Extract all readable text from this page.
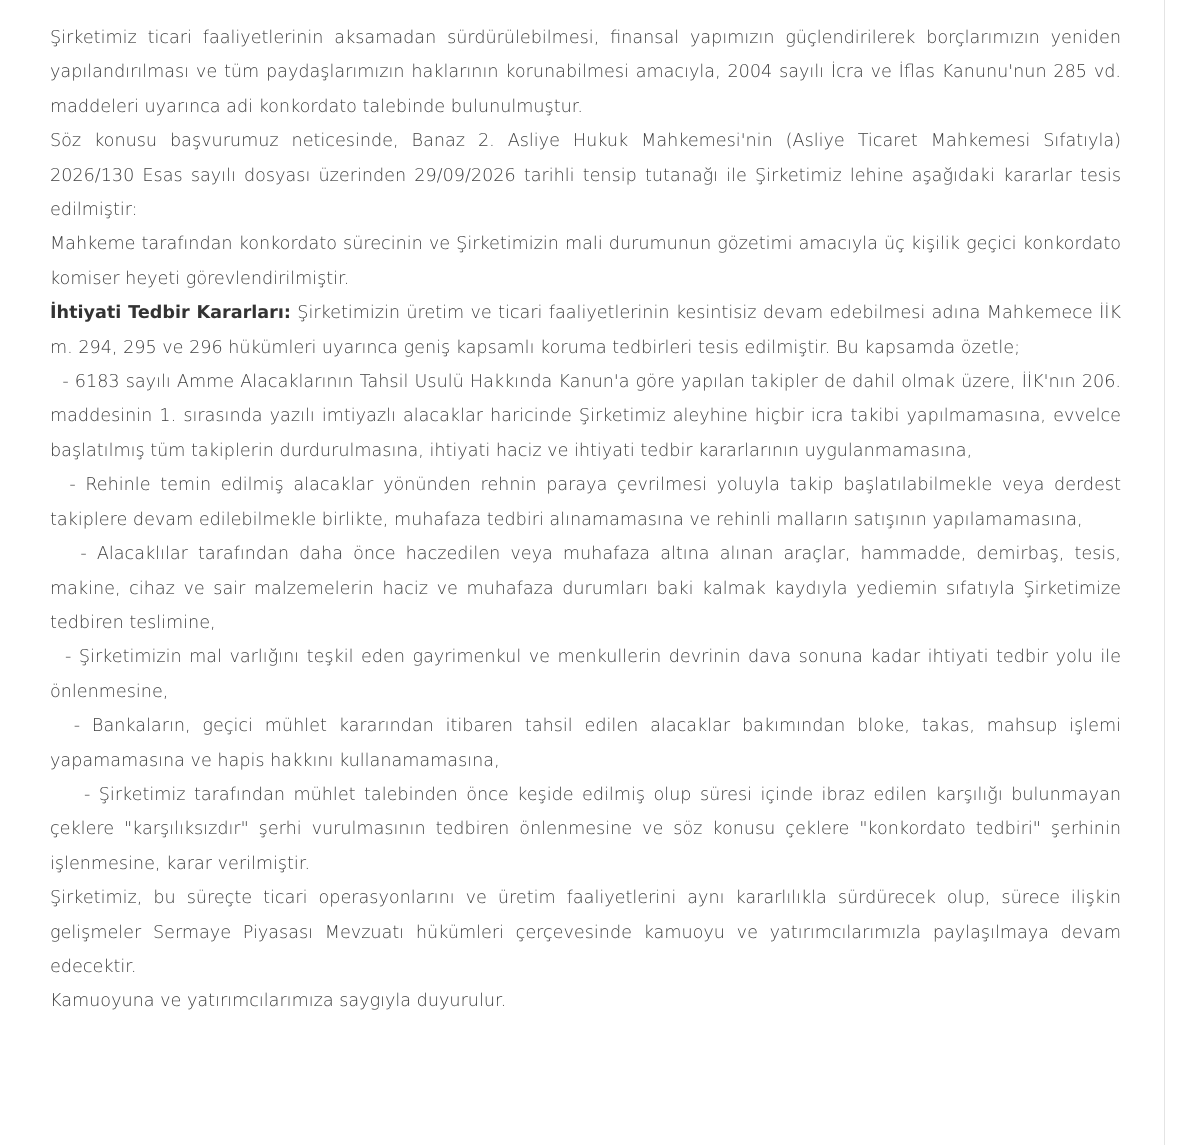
Şirketimiz ticari faaliyetlerinin aksamadan sürdürülebilmesi, finansal yapımızın güçlendirilerek borçlarımızın yeniden yapılandırılması ve tüm paydaşlarımızın haklarının korunabilmesi amacıyla, 2004 sayılı İcra ve İflas Kanunu'nun 285 vd. maddeleri uyarınca adi konkordato talebinde bulunulmuştur.

Söz konusu başvurumuz neticesinde, Banaz 2. Asliye Hukuk Mahkemesi'nin (Asliye Ticaret Mahkemesi Sıfatıyla) 2026/130 Esas sayılı dosyası üzerinden 29/09/2026 tarihli tensip tutanağı ile Şirketimiz lehine aşağıdaki kararlar tesis edilmiştir:

Mahkeme tarafından konkordato sürecinin ve Şirketimizin mali durumunun gözetimi amacıyla üç kişilik geçici konkordato komiser heyeti görevlendirilmiştir.

İhtiyati Tedbir Kararları: Şirketimizin üretim ve ticari faaliyetlerinin kesintisiz devam edebilmesi adına Mahkemece İİK m. 294, 295 ve 296 hükümleri uyarınca geniş kapsamlı koruma tedbirleri tesis edilmiştir. Bu kapsamda özetle;

- 6183 sayılı Amme Alacaklarının Tahsil Usulü Hakkında Kanun'a göre yapılan takipler de dahil olmak üzere, İİK'nın 206. maddesinin 1. sırasında yazılı imtiyazlı alacaklar haricinde Şirketimiz aleyhine hiçbir icra takibi yapılmamasına, evvelce başlatılmış tüm takiplerin durdurulmasına, ihtiyati haciz ve ihtiyati tedbir kararlarının uygulanmamasına,

- Rehinle temin edilmiş alacaklar yönünden rehnin paraya çevrilmesi yoluyla takip başlatılabilmekle veya derdest takiplere devam edilebilmekle birlikte, muhafaza tedbiri alınamamasına ve rehinli malların satışının yapılamamasına,

- Alacaklılar tarafından daha önce haczedilen veya muhafaza altına alınan araçlar, hammadde, demirbaş, tesis, makine, cihaz ve sair malzemelerin haciz ve muhafaza durumları baki kalmak kaydıyla yediemin sıfatıyla Şirketimize tedbiren teslimine,

- Şirketimizin mal varlığını teşkil eden gayrimenkul ve menkullerin devrinin dava sonuna kadar ihtiyati tedbir yolu ile önlenmesine,

- Bankaların, geçici mühlet kararından itibaren tahsil edilen alacaklar bakımından bloke, takas, mahsup işlemi yapamamasına ve hapis hakkını kullanamamasına,

- Şirketimiz tarafından mühlet talebinden önce keşide edilmiş olup süresi içinde ibraz edilen karşılığı bulunmayan çeklere "karşılıksızdır" şerhi vurulmasının tedbiren önlenmesine ve söz konusu çeklere "konkordato tedbiri" şerhinin işlenmesine, karar verilmiştir.

Şirketimiz, bu süreçte ticari operasyonlarını ve üretim faaliyetlerini aynı kararlılıkla sürdürecek olup, sürece ilişkin gelişmeler Sermaye Piyasası Mevzuatı hükümleri çerçevesinde kamuoyu ve yatırımcılarımızla paylaşılmaya devam edecektir.

Kamuoyuna ve yatırımcılarımıza saygıyla duyurulur.
